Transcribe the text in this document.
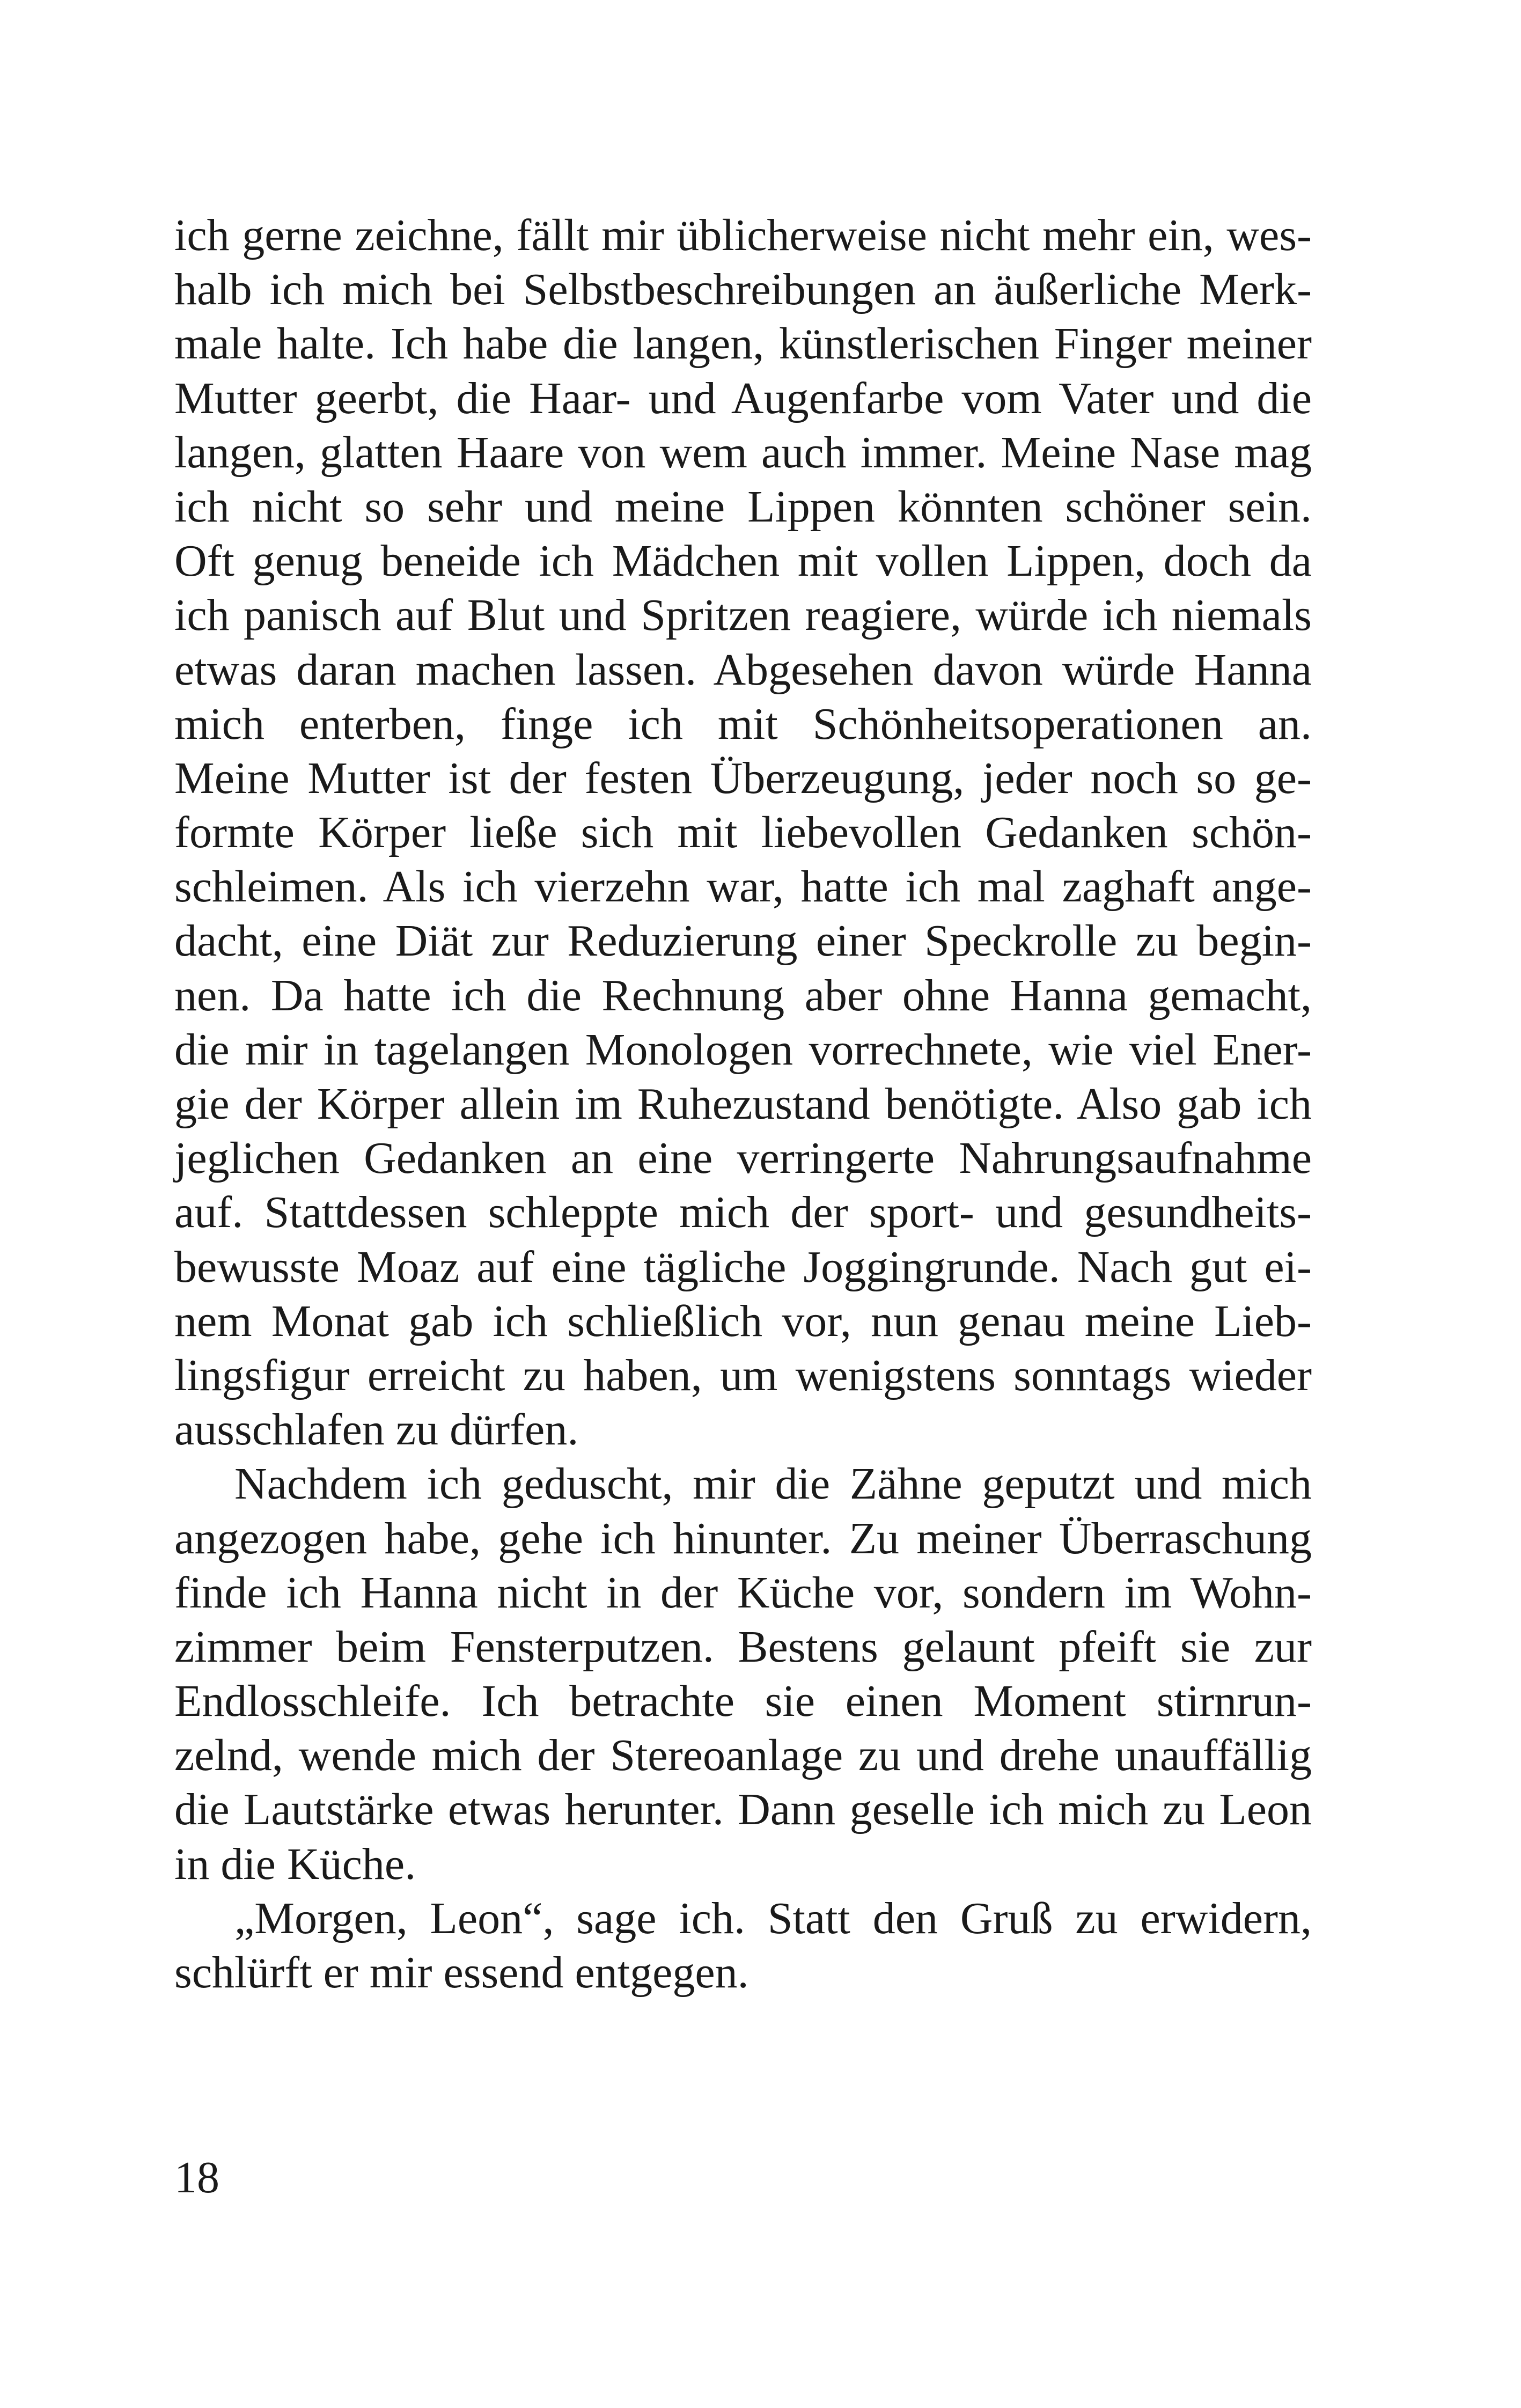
ich gerne zeichne, fällt mir üblicherweise nicht mehr ein, wes-
halb ich mich bei Selbstbeschreibungen an äußerliche Merk-
male halte. Ich habe die langen, künstlerischen Finger meiner
Mutter geerbt, die Haar- und Augenfarbe vom Vater und die
langen, glatten Haare von wem auch immer. Meine Nase mag
ich nicht so sehr und meine Lippen könnten schöner sein.
Oft genug beneide ich Mädchen mit vollen Lippen, doch da
ich panisch auf Blut und Spritzen reagiere, würde ich niemals
etwas daran machen lassen. Abgesehen davon würde Hanna
mich enterben, finge ich mit Schönheitsoperationen an.
Meine Mutter ist der festen Überzeugung, jeder noch so ge-
formte Körper ließe sich mit liebevollen Gedanken schön-
schleimen. Als ich vierzehn war, hatte ich mal zaghaft ange-
dacht, eine Diät zur Reduzierung einer Speckrolle zu begin-
nen. Da hatte ich die Rechnung aber ohne Hanna gemacht,
die mir in tagelangen Monologen vorrechnete, wie viel Ener-
gie der Körper allein im Ruhezustand benötigte. Also gab ich
jeglichen Gedanken an eine verringerte Nahrungsaufnahme
auf. Stattdessen schleppte mich der sport- und gesundheits-
bewusste Moaz auf eine tägliche Joggingrunde. Nach gut ei-
nem Monat gab ich schließlich vor, nun genau meine Lieb-
lingsfigur erreicht zu haben, um wenigstens sonntags wieder
ausschlafen zu dürfen.
Nachdem ich geduscht, mir die Zähne geputzt und mich
angezogen habe, gehe ich hinunter. Zu meiner Überraschung
finde ich Hanna nicht in der Küche vor, sondern im Wohn-
zimmer beim Fensterputzen. Bestens gelaunt pfeift sie zur
Endlosschleife. Ich betrachte sie einen Moment stirnrun-
zelnd, wende mich der Stereoanlage zu und drehe unauffällig
die Lautstärke etwas herunter. Dann geselle ich mich zu Leon
in die Küche.
„Morgen, Leon“, sage ich. Statt den Gruß zu erwidern,
schlürft er mir essend entgegen.
18
